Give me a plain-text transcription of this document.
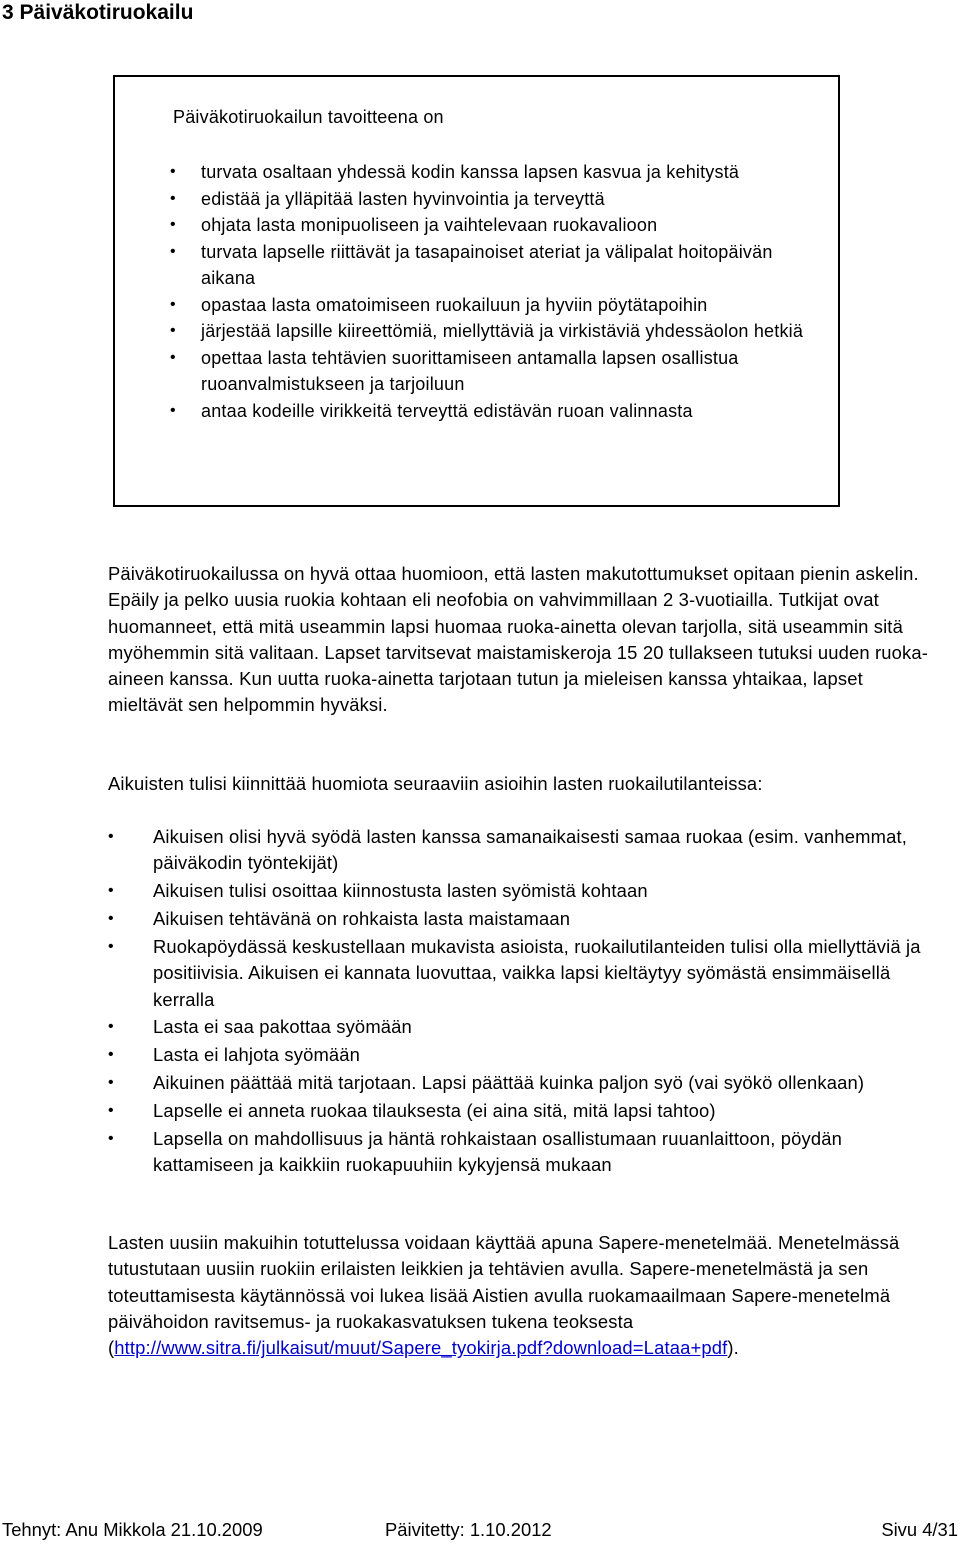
3 Päiväkotiruokailu
Päiväkotiruokailun tavoitteena on
• turvata osaltaan yhdessä kodin kanssa lapsen kasvua ja kehitystä
• edistää ja ylläpitää lasten hyvinvointia ja terveyttä
• ohjata lasta monipuoliseen ja vaihtelevaan ruokavalioon
• turvata lapselle riittävät ja tasapainoiset ateriat ja välipalat hoitopäivän aikana
• opastaa lasta omatoimiseen ruokailuun ja hyviin pöytätapoihin
• järjestää lapsille kiireettömiä, miellyttäviä ja virkistäviä yhdessäolon hetkiä
• opettaa lasta tehtävien suorittamiseen antamalla lapsen osallistua ruoanvalmistukseen ja tarjoiluun
• antaa kodeille virikkeitä terveyttä edistävän ruoan valinnasta

Päiväkotiruokailussa on hyvä ottaa huomioon, että lasten makutottumukset opitaan pienin askelin. Epäily ja pelko uusia ruokia kohtaan eli neofobia on vahvimmillaan 2 3-vuotiailla. Tutkijat ovat huomanneet, että mitä useammin lapsi huomaa ruoka-ainetta olevan tarjolla, sitä useammin sitä myöhemmin sitä valitaan. Lapset tarvitsevat maistamiskeroja 15 20 tullakseen tutuksi uuden ruoka-aineen kanssa. Kun uutta ruoka-ainetta tarjotaan tutun ja mieleisen kanssa yhtaikaa, lapset mieltävät sen helpommin hyväksi.

Aikuisten tulisi kiinnittää huomiota seuraaviin asioihin lasten ruokailutilanteissa:

• Aikuisen olisi hyvä syödä lasten kanssa samanaikaisesti samaa ruokaa (esim. vanhemmat, päiväkodin työntekijät)
• Aikuisen tulisi osoittaa kiinnostusta lasten syömistä kohtaan
• Aikuisen tehtävänä on rohkaista lasta maistamaan
• Ruokapöydässä keskustellaan mukavista asioista, ruokailutilanteiden tulisi olla miellyttäviä ja positiivisia. Aikuisen ei kannata luovuttaa, vaikka lapsi kieltäytyy syömästä ensimmäisellä kerralla
• Lasta ei saa pakottaa syömään
• Lasta ei lahjota syömään
• Aikuinen päättää mitä tarjotaan. Lapsi päättää kuinka paljon syö (vai syökö ollenkaan)
• Lapselle ei anneta ruokaa tilauksesta (ei aina sitä, mitä lapsi tahtoo)
• Lapsella on mahdollisuus ja häntä rohkaistaan osallistumaan ruuanlaittoon, pöydän kattamiseen ja kaikkiin ruokapuuhiin kykyjensä mukaan

Lasten uusiin makuihin totuttelussa voidaan käyttää apuna Sapere-menetelmää. Menetelmässä tutustutaan uusiin ruokiin erilaisten leikkien ja tehtävien avulla. Sapere-menetelmästä ja sen toteuttamisesta käytännössä voi lukea lisää Aistien avulla ruokamaailmaan Sapere-menetelmä päivähoidon ravitsemus- ja ruokakasvatuksen tukena teoksesta
(http://www.sitra.fi/julkaisut/muut/Sapere_tyokirja.pdf?download=Lataa+pdf).

Tehnyt: Anu Mikkola 21.10.2009	Päivitetty: 1.10.2012	Sivu 4/31
